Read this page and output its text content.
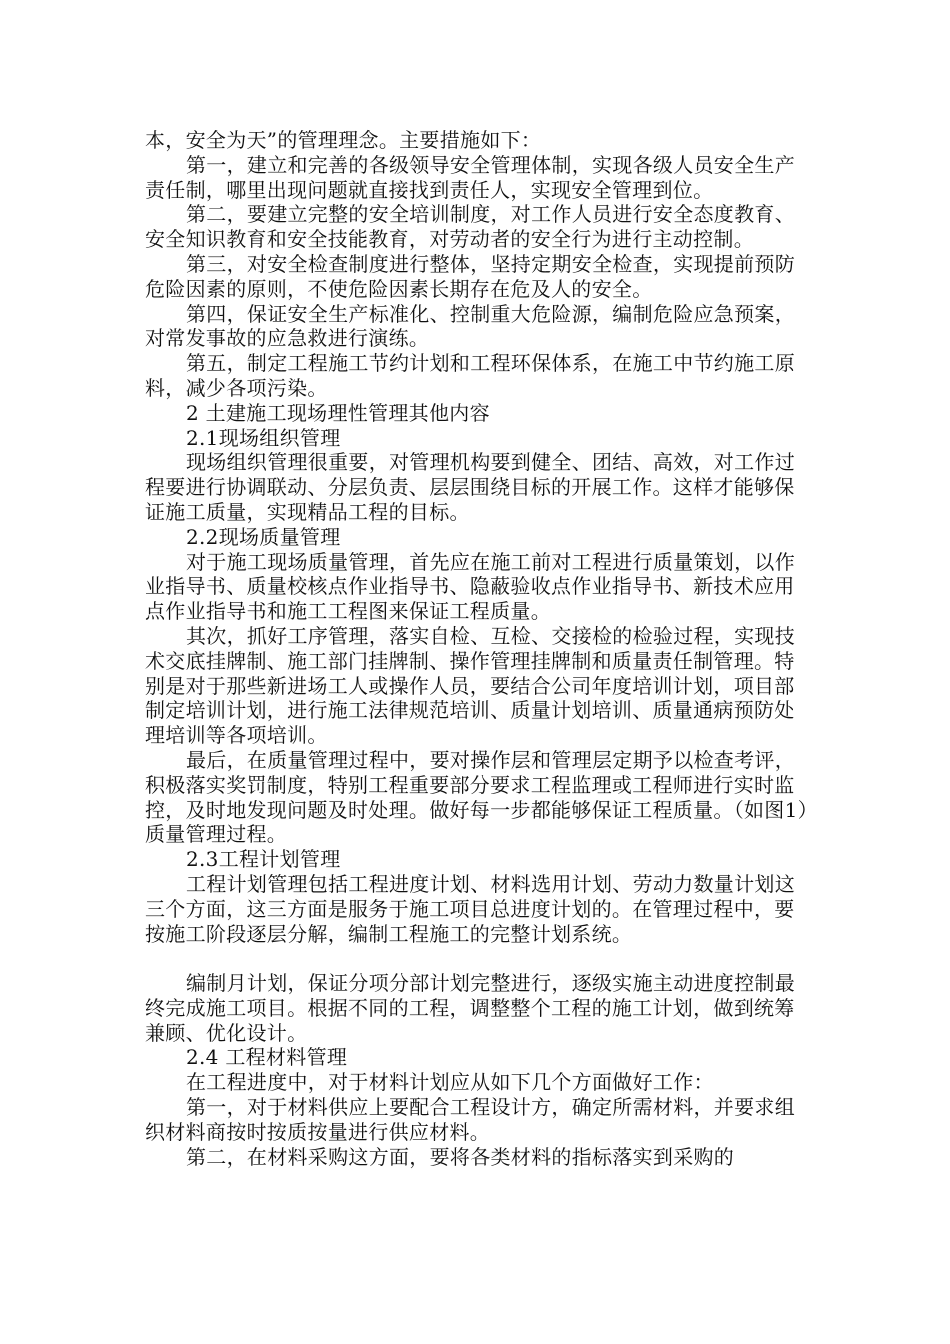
本，安全为天”的管理理念。主要措施如下：

第一，建立和完善的各级领导安全管理体制，实现各级人员安全生产责任制，哪里出现问题就直接找到责任人，实现安全管理到位。

第二，要建立完整的安全培训制度，对工作人员进行安全态度教育、安全知识教育和安全技能教育，对劳动者的安全行为进行主动控制。

第三，对安全检查制度进行整体，坚持定期安全检查，实现提前预防危险因素的原则，不使危险因素长期存在危及人的安全。

第四，保证安全生产标准化、控制重大危险源，编制危险应急预案，对常发事故的应急救进行演练。

第五，制定工程施工节约计划和工程环保体系，在施工中节约施工原料，减少各项污染。

2 土建施工现场理性管理其他内容

2.1现场组织管理

现场组织管理很重要，对管理机构要到健全、团结、高效，对工作过程要进行协调联动、分层负责、层层围绕目标的开展工作。这样才能够保证施工质量，实现精品工程的目标。

2.2现场质量管理

对于施工现场质量管理，首先应在施工前对工程进行质量策划，以作业指导书、质量校核点作业指导书、隐蔽验收点作业指导书、新技术应用点作业指导书和施工工程图来保证工程质量。

其次，抓好工序管理，落实自检、互检、交接检的检验过程，实现技术交底挂牌制、施工部门挂牌制、操作管理挂牌制和质量责任制管理。特别是对于那些新进场工人或操作人员，要结合公司年度培训计划，项目部制定培训计划，进行施工法律规范培训、质量计划培训、质量通病预防处理培训等各项培训。

最后，在质量管理过程中，要对操作层和管理层定期予以检查考评，积极落实奖罚制度，特别工程重要部分要求工程监理或工程师进行实时监控，及时地发现问题及时处理。做好每一步都能够保证工程质量。（如图1）质量管理过程。

2.3工程计划管理

工程计划管理包括工程进度计划、材料选用计划、劳动力数量计划这三个方面，这三方面是服务于施工项目总进度计划的。在管理过程中，要按施工阶段逐层分解，编制工程施工的完整计划系统。

编制月计划，保证分项分部计划完整进行，逐级实施主动进度控制最终完成施工项目。根据不同的工程，调整整个工程的施工计划，做到统筹兼顾、优化设计。

2.4 工程材料管理

在工程进度中，对于材料计划应从如下几个方面做好工作：

第一，对于材料供应上要配合工程设计方，确定所需材料，并要求组织材料商按时按质按量进行供应材料。

第二，在材料采购这方面，要将各类材料的指标落实到采购的
